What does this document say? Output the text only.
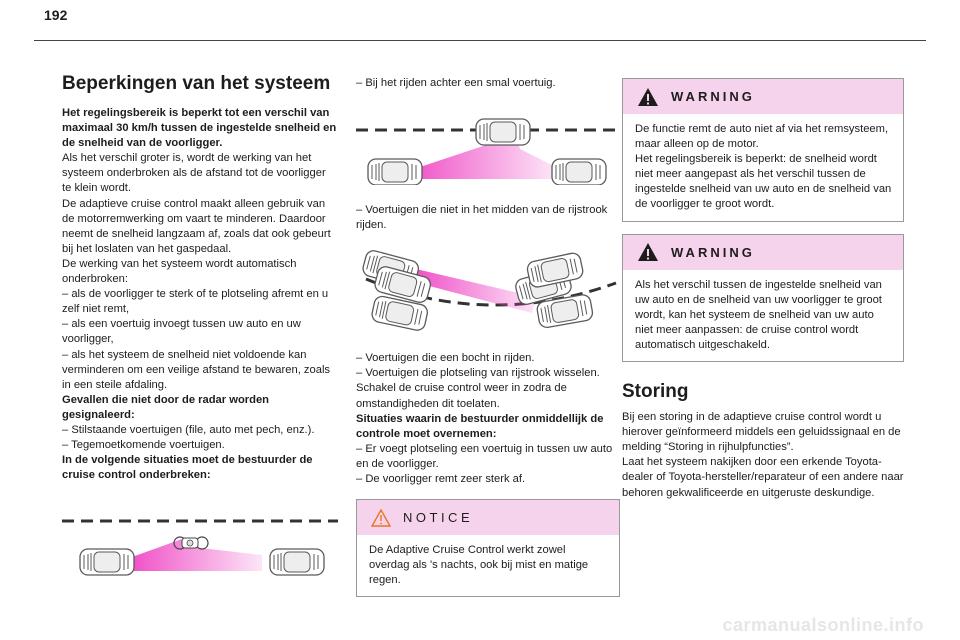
192
Beperkingen van het systeem

Het regelingsbereik is beperkt tot een verschil van maximaal 30 km/h tussen de ingestelde snelheid en de snelheid van de voorligger.

Als het verschil groter is, wordt de werking van het systeem onderbroken als de afstand tot de voorligger te klein wordt.

De adaptieve cruise control maakt alleen gebruik van de motorremwerking om vaart te minderen. Daardoor neemt de snelheid langzaam af, zoals dat ook gebeurt bij het loslaten van het gaspedaal.

De werking van het systeem wordt automatisch onderbroken:

– als de voorligger te sterk of te plotseling afremt en u zelf niet remt,

– als een voertuig invoegt tussen uw auto en uw voorligger,

– als het systeem de snelheid niet voldoende kan verminderen om een veilige afstand te bewaren, zoals in een steile afdaling.

Gevallen die niet door de radar worden gesignaleerd:

– Stilstaande voertuigen (file, auto met pech, enz.).

– Tegemoetkomende voertuigen.

In de volgende situaties moet de bestuurder de cruise control onderbreken:

– Bij het rijden achter een smal voertuig.

– Voertuigen die niet in het midden van de rijstrook rijden.

– Voertuigen die een bocht in rijden.

– Voertuigen die plotseling van rijstrook wisselen.

Schakel de cruise control weer in zodra de omstandigheden dit toelaten.

Situaties waarin de bestuurder onmiddellijk de controle moet overnemen:

– Er voegt plotseling een voertuig in tussen uw auto en de voorligger.

– De voorligger remt zeer sterk af.

NOTICE

De Adaptive Cruise Control werkt zowel overdag als 's nachts, ook bij mist en matige regen.

WARNING

De functie remt de auto niet af via het remsysteem, maar alleen op de motor.

Het regelingsbereik is beperkt: de snelheid wordt niet meer aangepast als het verschil tussen de ingestelde snelheid van uw auto en de snelheid van de voorligger te groot wordt.

WARNING

Als het verschil tussen de ingestelde snelheid van uw auto en de snelheid van uw voorligger te groot wordt, kan het systeem de snelheid van uw auto niet meer aanpassen: de cruise control wordt automatisch uitgeschakeld.

Storing

Bij een storing in de adaptieve cruise control wordt u hierover geïnformeerd middels een geluidssignaal en de melding “Storing in rijhulpfuncties”.

Laat het systeem nakijken door een erkende Toyota-dealer of Toyota-hersteller/reparateur of een andere naar behoren gekwalificeerde en uitgeruste deskundige.

carmanualsonline.info
